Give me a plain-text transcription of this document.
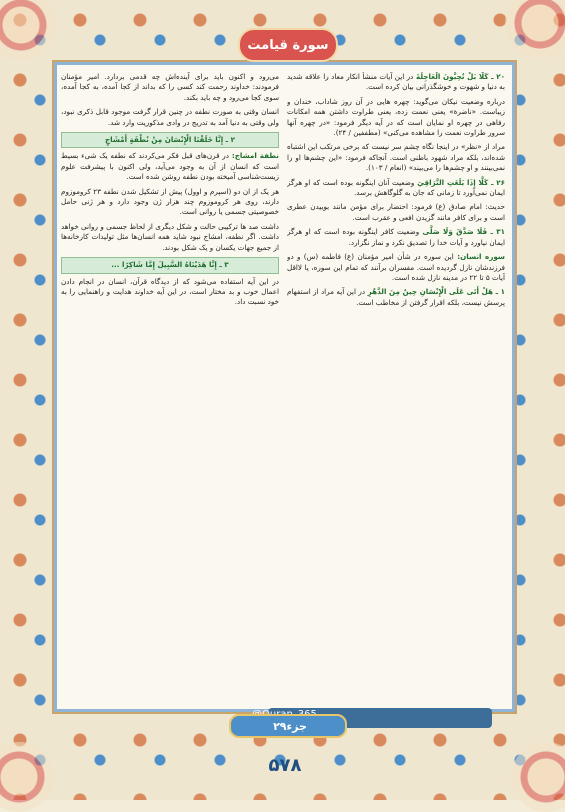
سورة قيامت

۲۰ ـ كَلَّا بَلْ تُحِبُّونَ الْعَاجِلَةَ در این آیات منشأ انکار معاد را علاقه شدید به دنیا و شهوت و خوشگذرانی بیان کرده است.

درباره وضعیت نیکان می‌گوید: چهره هایی در آن روز شاداب، خندان و زیباست. «ناضرة» یعنی نعمت زده، یعنی طراوت داشتن همه امکانات رفاهی در چهره او نمایان است که در آیه دیگر فرمود: «در چهره آنها سرور طراوت نعمت را مشاهده می‌کنی» (مطففین / ۲۴).

مراد از «نظر» در اینجا نگاه چشم سر نیست که برخی مرتکب این اشتباه شده‌اند، بلکه مراد شهود باطنی است. آنجاکه فرمود: «این چشم‌ها او را نمی‌بینند و او چشم‌ها را می‌بیند» (انعام / ۱۰۳).

۲۶ ـ كَلَّا إِذَا بَلَغَتِ التَّرَاقِيَ وضعیت آنان اینگونه بوده است که او هرگز ایمان نمی‌آورد تا زمانی که جان به گلوگاهش برسد.

حدیث: امام صادق (ع) فرمود: احتضار برای مؤمن مانند بوییدن عطری است و برای کافر مانند گزیدن افعی و عقرب است.

۳۱ ـ فَلَا صَدَّقَ وَلَا صَلَّى وضعیت کافر اینگونه بوده است که او هرگز ایمان نیاورد و آیات خدا را تصدیق نکرد و نماز نگزارد.

سوره انسان: این سوره در شأن امیر مؤمنان (ع) فاطمه (س) و دو فرزندشان نازل گردیده است. مفسران برآنند که تمام این سوره، یا لااقل آیات ۵ تا ۲۲ در مدینه نازل شده است.

۱ ـ هَلْ أَتَى عَلَى الْإِنْسَانِ حِينٌ مِنَ الدَّهْرِ در این آیه مراد از استفهام پرسش نیست، بلکه اقرار گرفتن از مخاطب است.

می‌رود و اکنون باید برای آینده‌اش چه قدمی بردارد. امیر مؤمنان فرمودند: خداوند رحمت کند کسی را که بداند از کجا آمده، به کجا آمده، سوی کجا می‌رود و چه باید بکند.

انسان وقتی به صورت نطفه در چنین قرار گرفت موجود قابل ذکری نبود، ولی وقتی به دنیا آمد به تدریج در وادی مذکوریت وارد شد.

۲ ـ إِنَّا خَلَقْنَا الْإِنْسَانَ مِنْ نُطْفَةٍ أَمْشَاجٍ

نطفة امشاج: در قرن‌های قبل فکر می‌کردند که نطفه یک شیء بسیط است که انسان از آن به وجود می‌آید، ولی اکنون با پیشرفت علوم زیست‌شناسی آمیخته بودن نطفه روشن شده است.

هر یک از ان دو (اسپرم و اوول) پیش از تشکیل شدن نطفه ۲۳ کروموزوم دارند، روی هر کروموزوم چند هزار ژن وجود دارد و هر ژنی حامل خصوصیتی جسمی یا روانی است.

داشت صد ها ترکیبی حالت و شکل دیگری از لحاظ جسمی و روانی خواهد داشت. اگر نطفه، امشاج نبود شاید همه انسان‌ها مثل تولیدات کارخانه‌ها از جمیع جهات یکسان و یک شکل بودند.

۳ ـ إِنَّا هَدَيْنَاهُ السَّبِيلَ إِمَّا شَاكِرًا ...

در این آیه استفاده می‌شود که از دیدگاه قرآن، انسان در انجام دادن اعمال خوب و بد مختار است، در این آیه خداوند هدایت و راهنمایی را به خود نسبت داد.

جزء
۲۹
۵۷۸
